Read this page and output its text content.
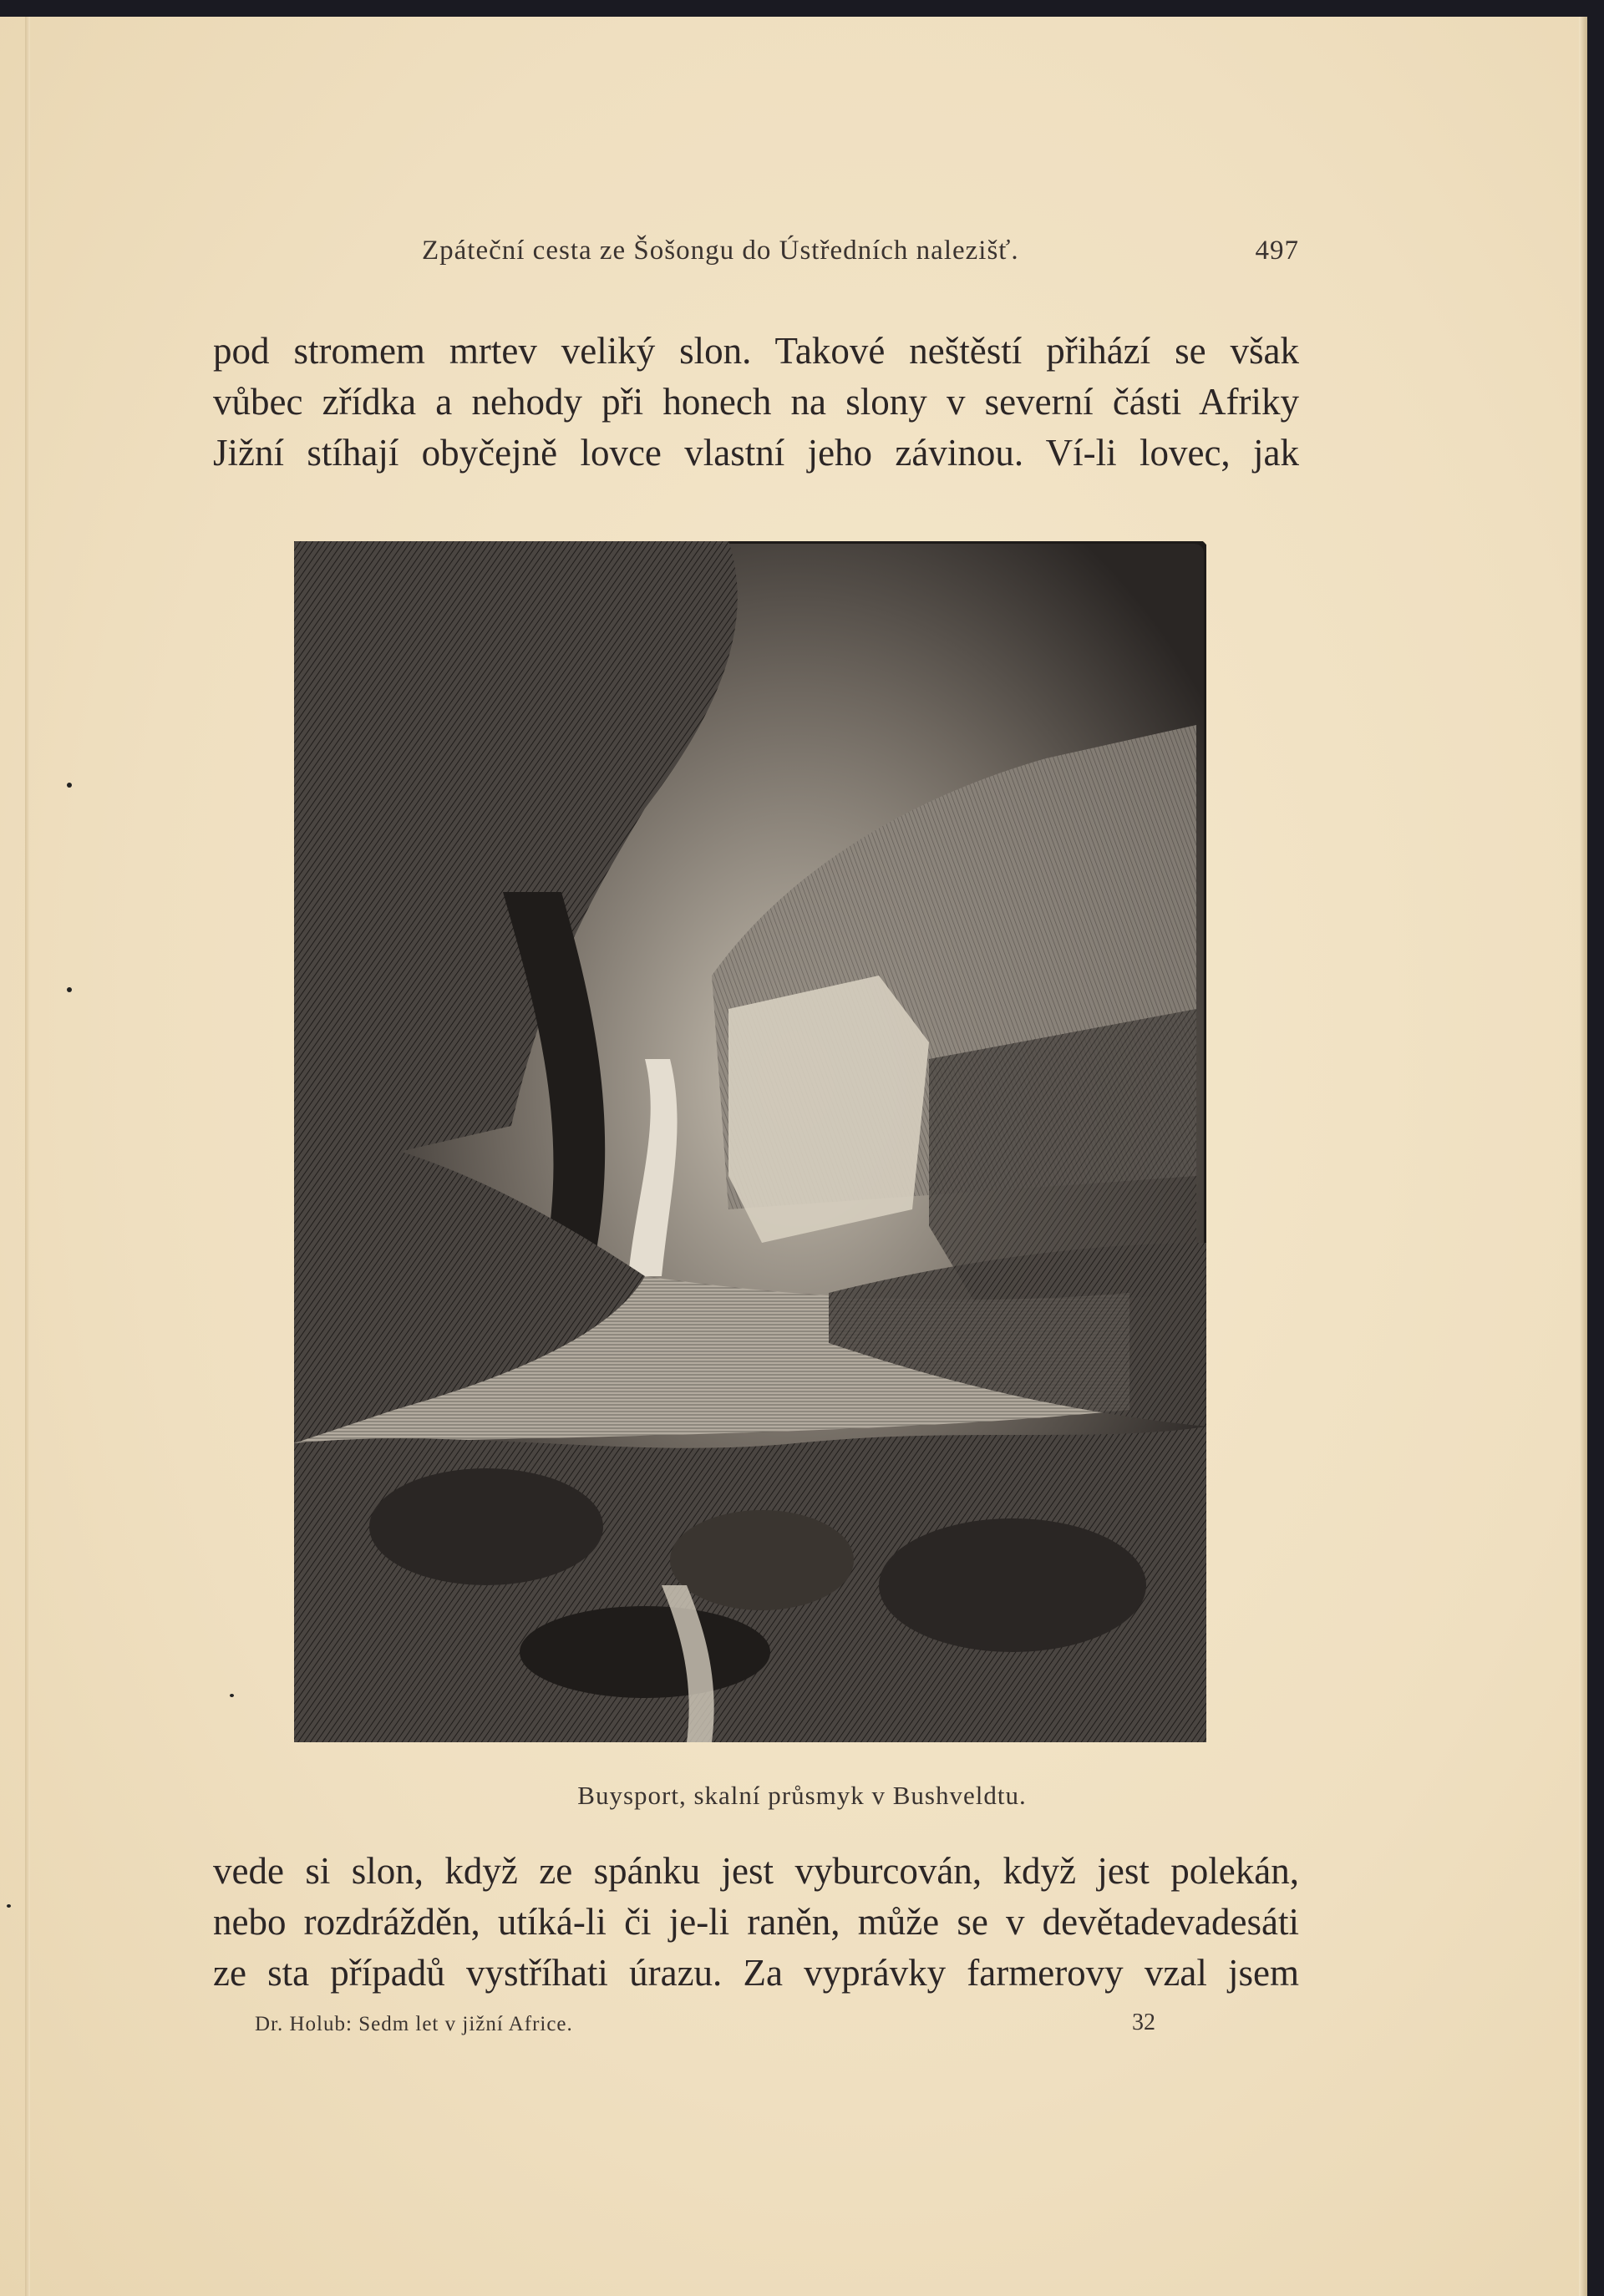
Zpáteční cesta ze Šošongu do Ústředních nalezišť.	497
pod stromem mrtev veliký slon. Takové neštěstí přihází se však
vůbec zřídka a nehody při honech na slony v severní části Afriky
Jižní stíhají obyčejně lovce vlastní jeho závinou. Ví-li lovec, jak
Buysport, skalní průsmyk v Bushveldtu.
vede si slon, když ze spánku jest vyburcován, když jest polekán,
nebo rozdrážděn, utíká-li či je-li raněn, může se v devětadevadesáti
ze sta případů vystříhati úrazu. Za vyprávky farmerovy vzal jsem
Dr. Holub: Sedm let v jižní Africe.	32
